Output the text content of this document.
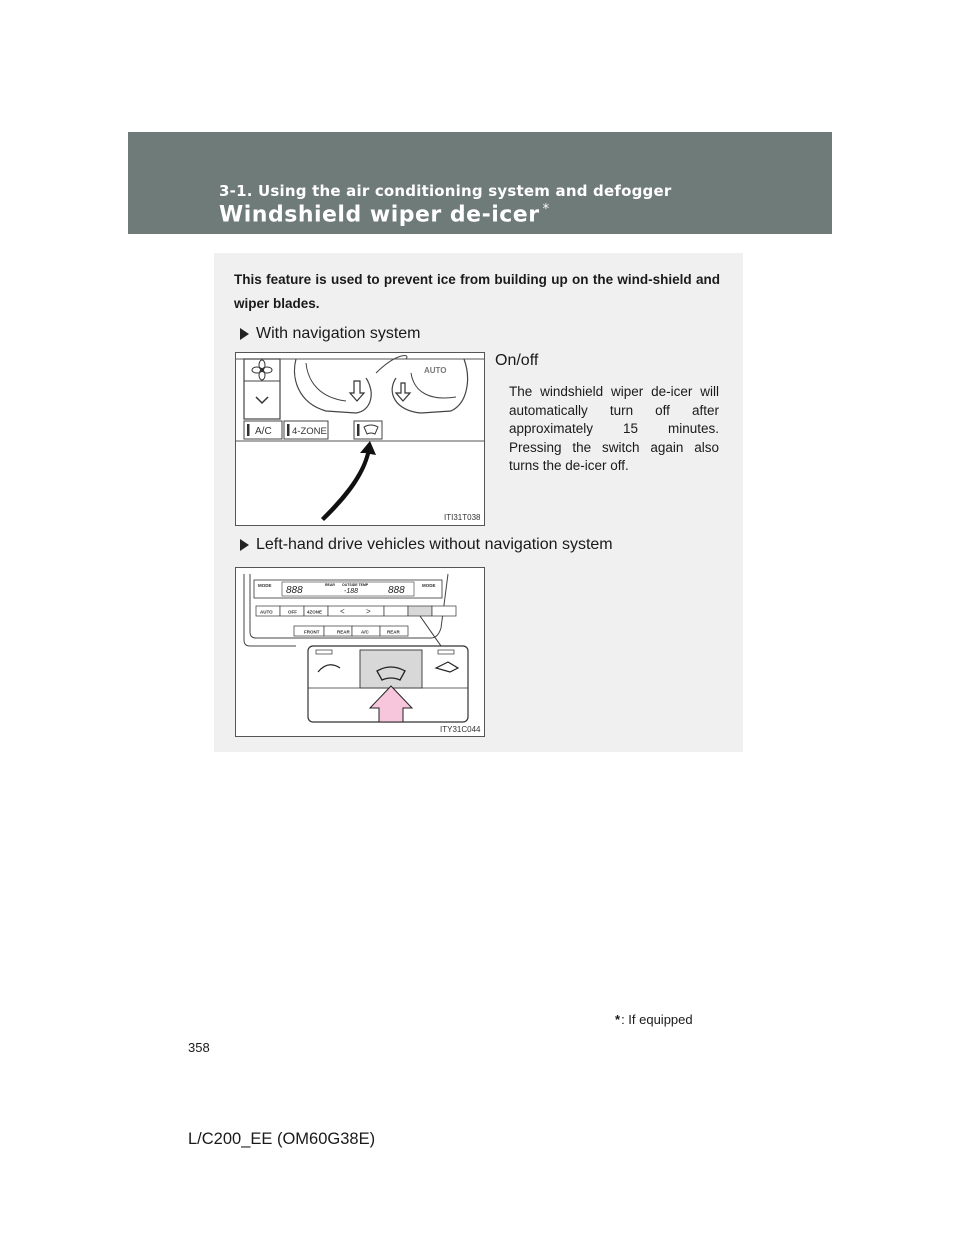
3-1. Using the air conditioning system and defogger
Windshield wiper de-icer *
This feature is used to prevent ice from building up on the wind-shield and wiper blades.
With navigation system
AUTO
A/C 4-ZONE
ITI31T038
On/off
The windshield wiper de-icer will automatically turn off after approximately 15 minutes. Pressing the switch again also turns the de-icer off.
Left-hand drive vehicles without navigation system
MODE	MODE
888	REAR OUTSIDE TEMP
-188	888
AUTO	OFF 4ZONE <	>
FRONT	REAR A/C	REAR
ITY31C044
* : If equipped
358
L/C200_EE (OM60G38E)
